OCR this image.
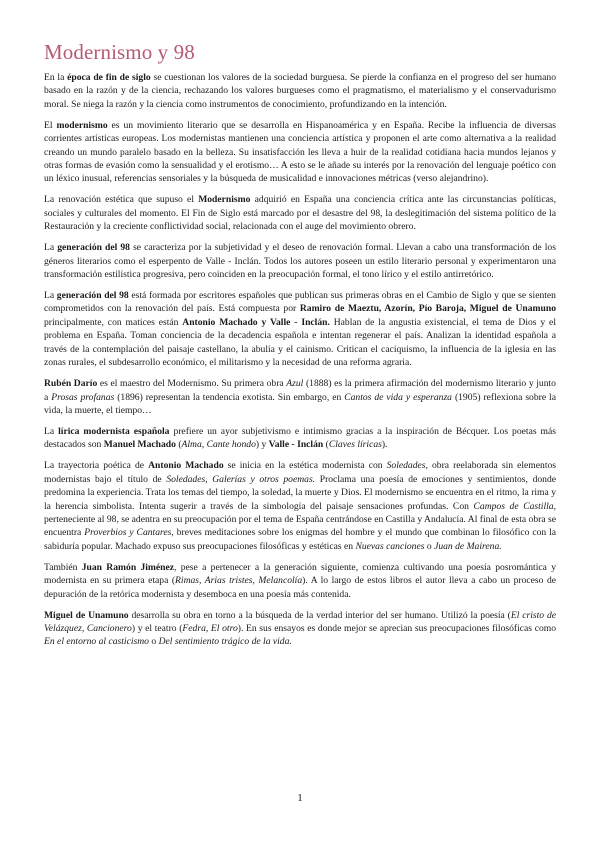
Modernismo y 98

En la época de fin de siglo se cuestionan los valores de la sociedad burguesa. Se pierde la confianza en el progreso del ser humano basado en la razón y de la ciencia, rechazando los valores burgueses como el pragmatismo, el materialismo y el conservadurismo moral. Se niega la razón y la ciencia como instrumentos de conocimiento, profundizando en la intención.

El modernismo es un movimiento literario que se desarrolla en Hispanoamérica y en España. Recibe la influencia de diversas corrientes artísticas europeas. Los modernistas mantienen una conciencia artística y proponen el arte como alternativa a la realidad creando un mundo paralelo basado en la belleza. Su insatisfacción les lleva a huir de la realidad cotidiana hacia mundos lejanos y otras formas de evasión como la sensualidad y el erotismo… A esto se le añade su interés por la renovación del lenguaje poético con un léxico inusual, referencias sensoriales y la búsqueda de musicalidad e innovaciones métricas (verso alejandrino).

La renovación estética que supuso el Modernismo adquirió en España una conciencia crítica ante las circunstancias políticas, sociales y culturales del momento. El Fin de Siglo está marcado por el desastre del 98, la deslegitimación del sistema político de la Restauración y la creciente conflictividad social, relacionada con el auge del movimiento obrero.

La generación del 98 se caracteriza por la subjetividad y el deseo de renovación formal. Llevan a cabo una transformación de los géneros literarios como el esperpento de Valle - Inclán. Todos los autores poseen un estilo literario personal y experimentaron una transformación estilística progresiva, pero coinciden en la preocupación formal, el tono lírico y el estilo antirretórico.

La generación del 98 está formada por escritores españoles que publican sus primeras obras en el Cambio de Siglo y que se sienten comprometidos con la renovación del país. Está compuesta por Ramiro de Maeztu, Azorín, Pío Baroja, Miguel de Unamuno principalmente, con matices están Antonio Machado y Valle - Inclán. Hablan de la angustia existencial, el tema de Dios y el problema en España. Toman conciencia de la decadencia española e intentan regenerar el país. Analizan la identidad española a través de la contemplación del paisaje castellano, la abulia y el cainismo. Critican el caciquismo, la influencia de la iglesia en las zonas rurales, el subdesarrollo económico, el militarismo y la necesidad de una reforma agraria.

Rubén Darío es el maestro del Modernismo. Su primera obra Azul (1888) es la primera afirmación del modernismo literario y junto a Prosas profanas (1896) representan la tendencia exotista. Sin embargo, en Cantos de vida y esperanza (1905) reflexiona sobre la vida, la muerte, el tiempo…

La lírica modernista española prefiere un ayor subjetivismo e intimismo gracias a la inspiración de Bécquer. Los poetas más destacados son Manuel Machado (Alma, Cante hondo) y Valle - Inclán (Claves líricas).

La trayectoria poética de Antonio Machado se inicia en la estética modernista con Soledades, obra reelaborada sin elementos modernistas bajo el título de Soledades, Galerías y otros poemas. Proclama una poesía de emociones y sentimientos, donde predomina la experiencia. Trata los temas del tiempo, la soledad, la muerte y Dios. El modernismo se encuentra en el ritmo, la rima y la herencia simbolista. Intenta sugerir a través de la simbología del paisaje sensaciones profundas. Con Campos de Castilla, perteneciente al 98, se adentra en su preocupación por el tema de España centrándose en Castilla y Andalucía. Al final de esta obra se encuentra Proverbios y Cantares, breves meditaciones sobre los enigmas del hombre y el mundo que combinan lo filosófico con la sabiduría popular. Machado expuso sus preocupaciones filosóficas y estéticas en Nuevas canciones o Juan de Mairena.

También Juan Ramón Jiménez, pese a pertenecer a la generación siguiente, comienza cultivando una poesía posromántica y modernista en su primera etapa (Rimas, Arias tristes, Melancolía). A lo largo de estos libros el autor lleva a cabo un proceso de depuración de la retórica modernista y desemboca en una poesía más contenida.

Miguel de Unamuno desarrolla su obra en torno a la búsqueda de la verdad interior del ser humano. Utilizó la poesía (El cristo de Velázquez, Cancionero) y el teatro (Fedra, El otro). En sus ensayos es donde mejor se aprecian sus preocupaciones filosóficas como En el entorno al casticismo o Del sentimiento trágico de la vida.

1
